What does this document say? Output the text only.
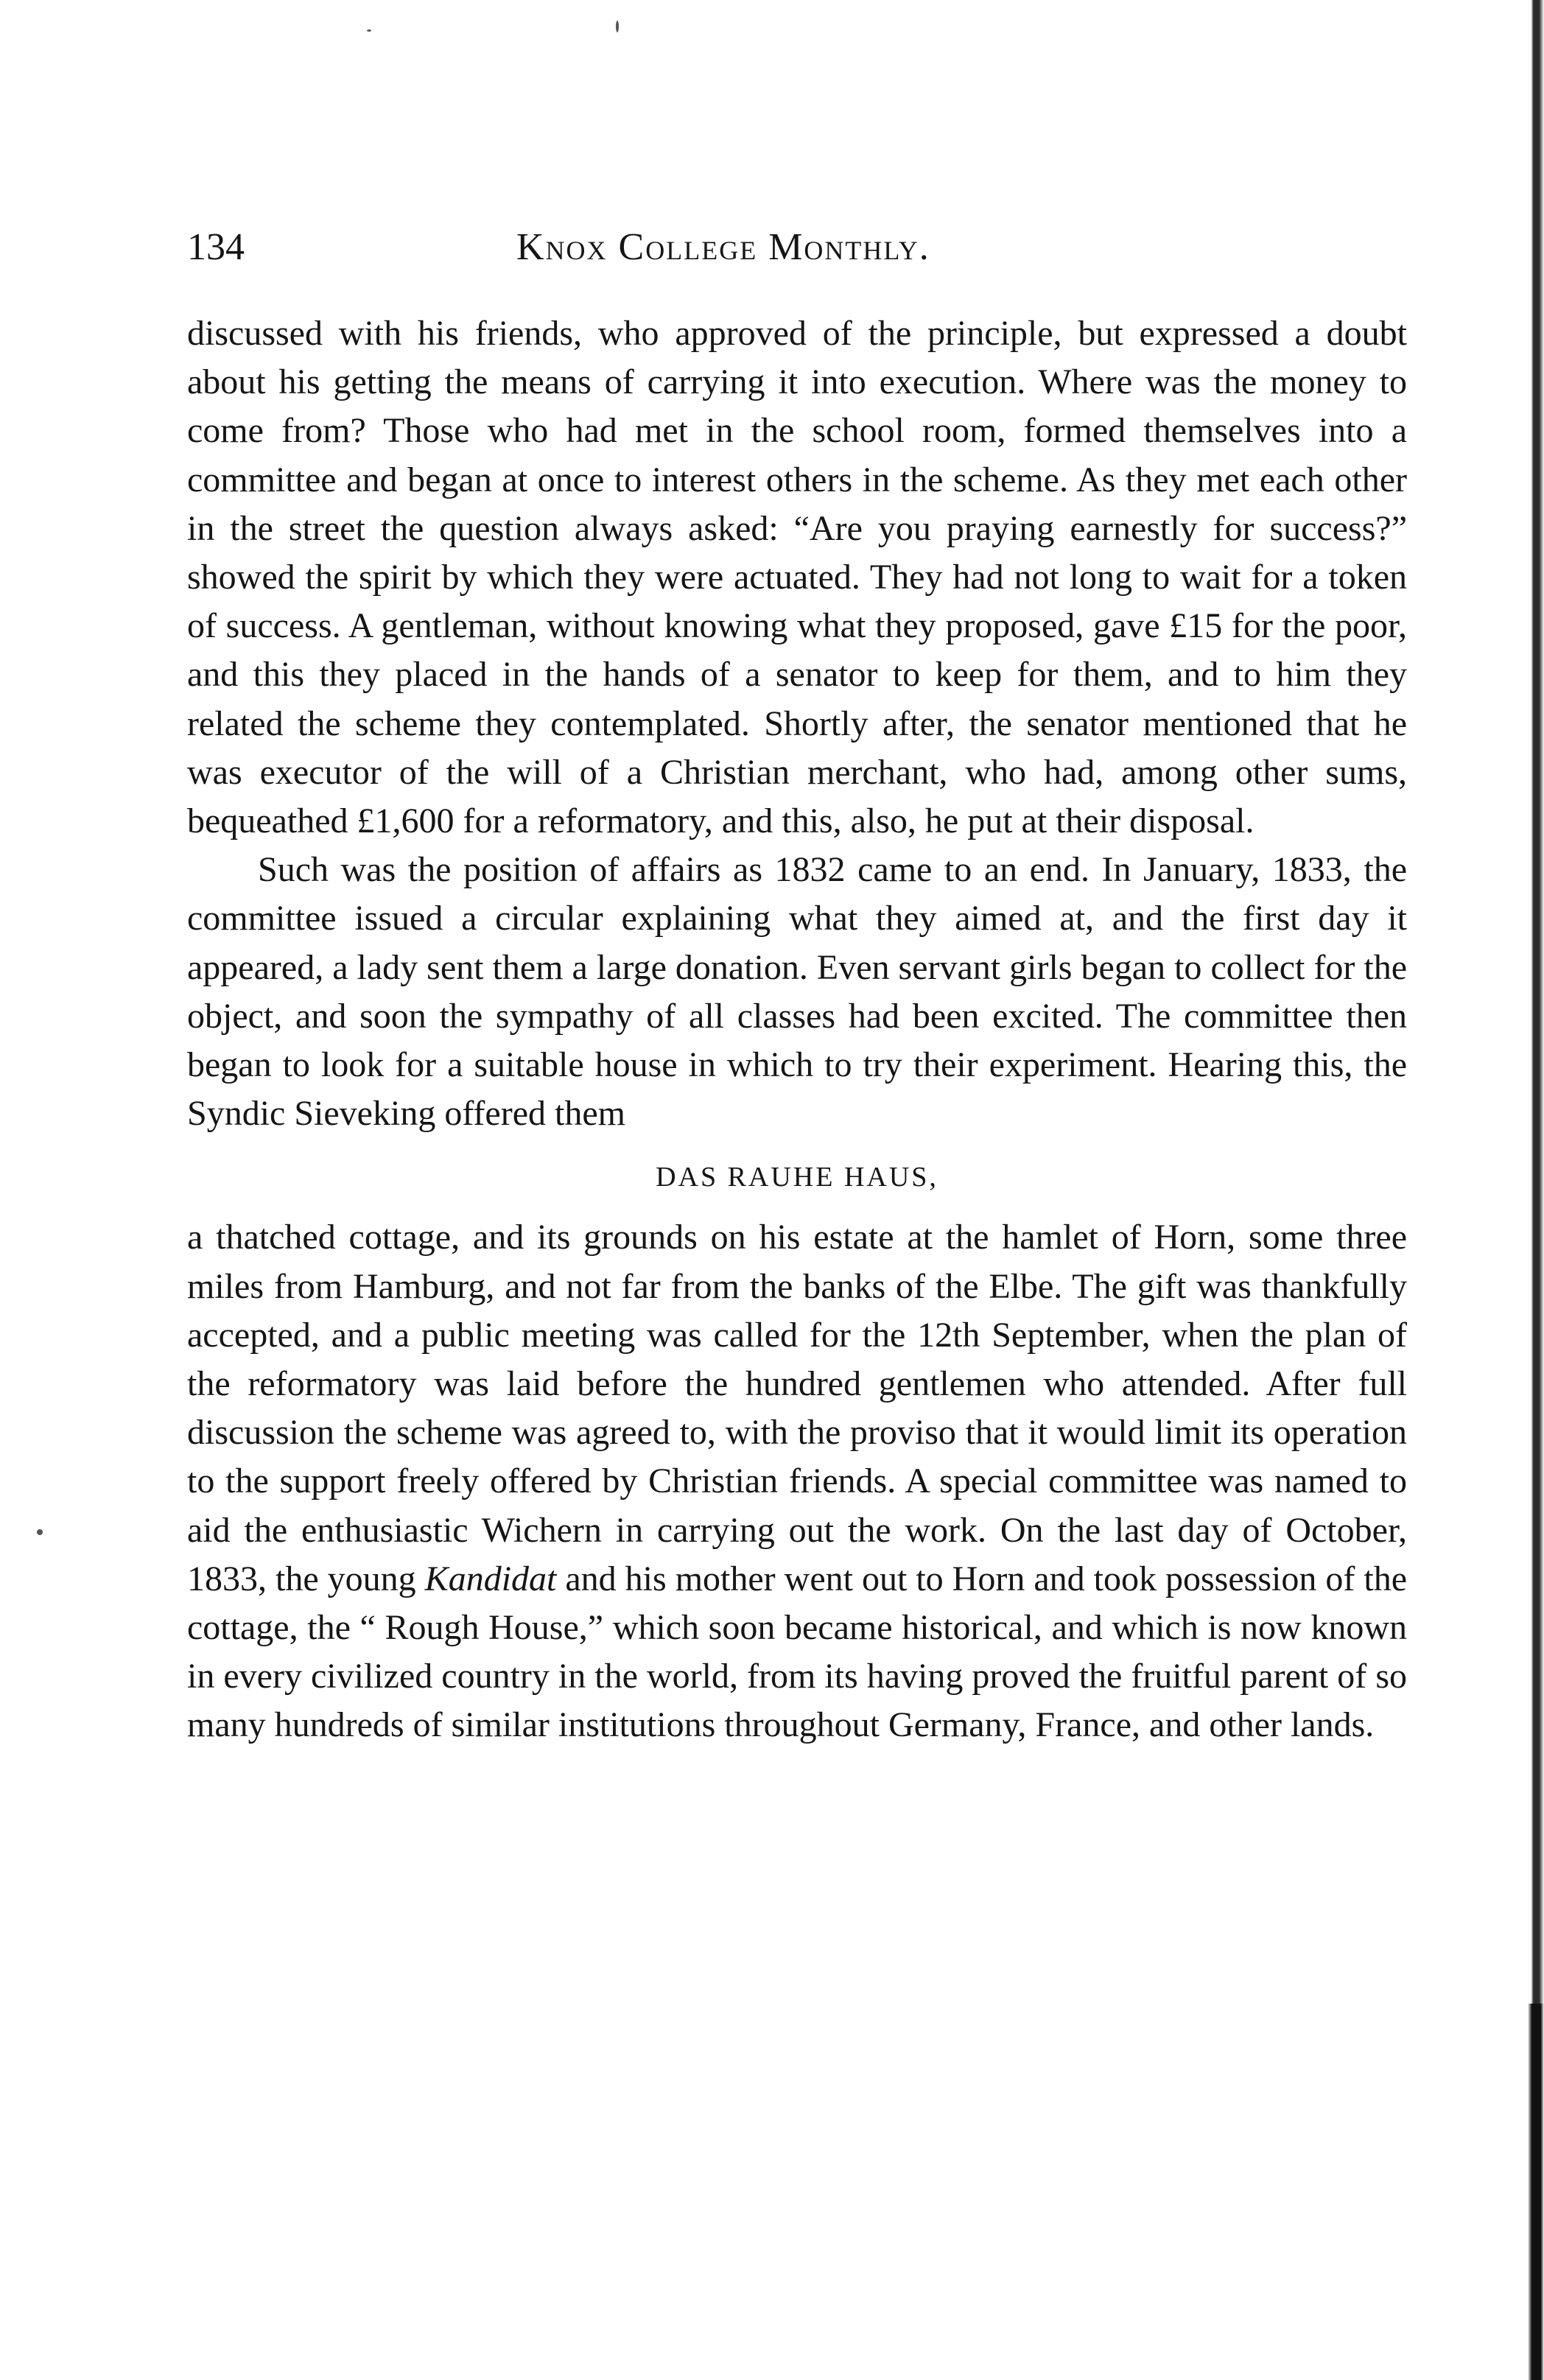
134	Knox College Monthly.

discussed with his friends, who approved of the principle, but expressed a doubt about his getting the means of carrying it into execution. Where was the money to come from? Those who had met in the school room, formed themselves into a committee and began at once to interest others in the scheme. As they met each other in the street the question always asked: “Are you praying earnestly for success?” showed the spirit by which they were actuated. They had not long to wait for a token of success. A gentleman, without knowing what they proposed, gave £15 for the poor, and this they placed in the hands of a senator to keep for them, and to him they related the scheme they contemplated. Shortly after, the senator mentioned that he was executor of the will of a Christian merchant, who had, among other sums, bequeathed £1,600 for a reformatory, and this, also, he put at their disposal.

Such was the position of affairs as 1832 came to an end. In January, 1833, the committee issued a circular explaining what they aimed at, and the first day it appeared, a lady sent them a large donation. Even servant girls began to collect for the object, and soon the sympathy of all classes had been excited. The committee then began to look for a suitable house in which to try their experiment. Hearing this, the Syndic Sieveking offered them

DAS RAUHE HAUS,

a thatched cottage, and its grounds on his estate at the hamlet of Horn, some three miles from Hamburg, and not far from the banks of the Elbe. The gift was thankfully accepted, and a public meeting was called for the 12th September, when the plan of the reformatory was laid before the hundred gentlemen who attended. After full discussion the scheme was agreed to, with the proviso that it would limit its operation to the support freely offered by Christian friends. A special committee was named to aid the enthusiastic Wichern in carrying out the work. On the last day of October, 1833, the young Kandidat and his mother went out to Horn and took possession of the cottage, the “ Rough House,” which soon became historical, and which is now known in every civilized country in the world, from its having proved the fruitful parent of so many hundreds of similar institutions throughout Germany, France, and other lands.
